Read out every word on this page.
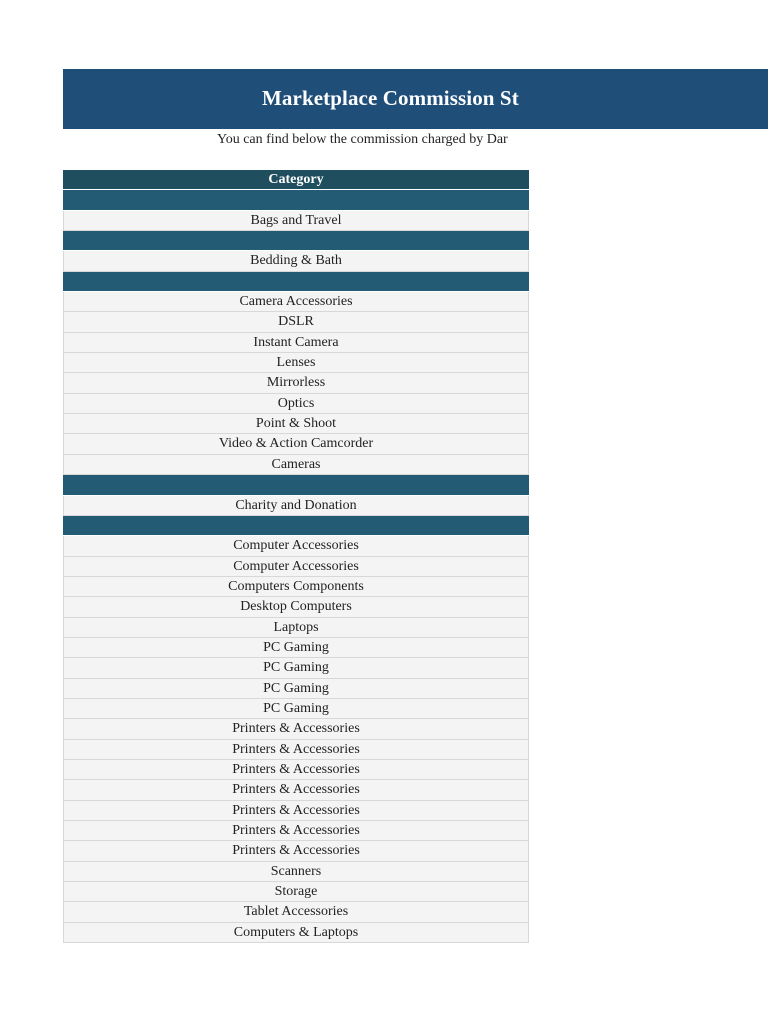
Marketplace Commission St
You can find below the commission charged by Dar
Category
Bags and Travel
Bedding & Bath
Camera Accessories
DSLR
Instant Camera
Lenses
Mirrorless
Optics
Point & Shoot
Video & Action Camcorder
Cameras
Charity and Donation
Computer Accessories
Computer Accessories
Computers Components
Desktop Computers
Laptops
PC Gaming
PC Gaming
PC Gaming
PC Gaming
Printers & Accessories
Printers & Accessories
Printers & Accessories
Printers & Accessories
Printers & Accessories
Printers & Accessories
Printers & Accessories
Scanners
Storage
Tablet Accessories
Computers & Laptops
